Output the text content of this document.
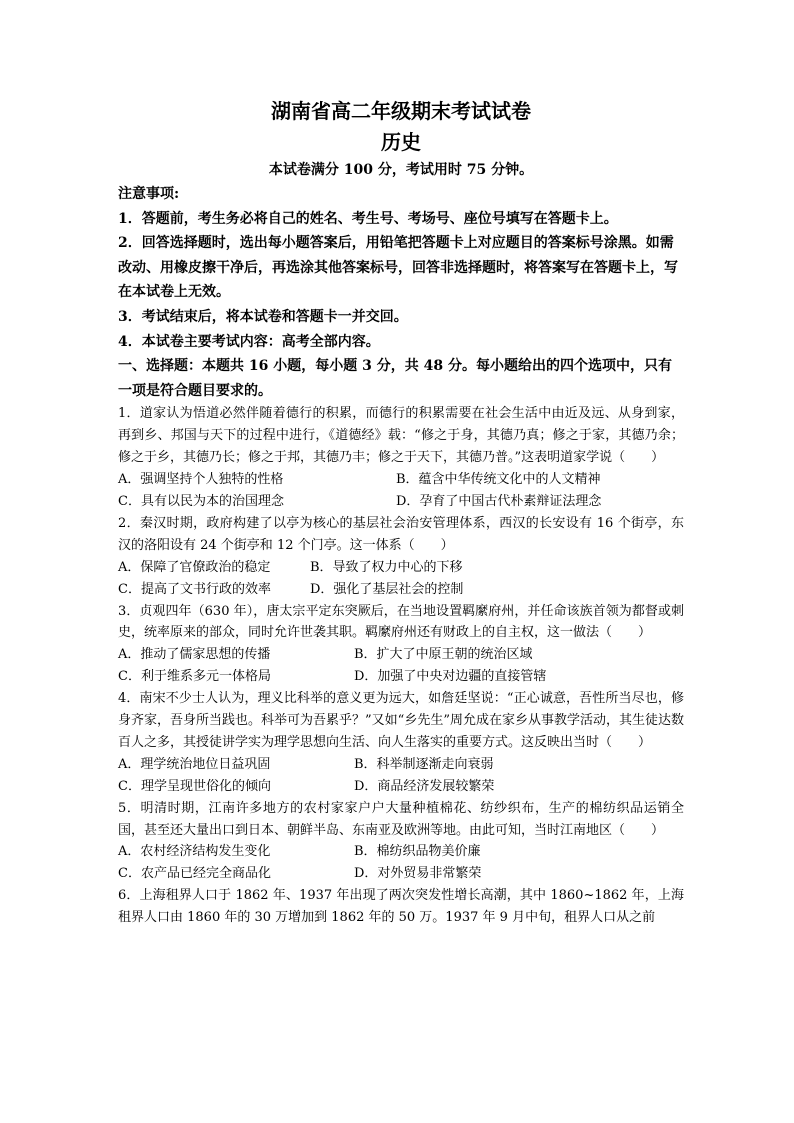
湖南省高二年级期末考试试卷

历史

本试卷满分 100 分，考试用时 75 分钟。

注意事项:

1．答题前，考生务必将自己的姓名、考生号、考场号、座位号填写在答题卡上。

2．回答选择题时，选出每小题答案后，用铅笔把答题卡上对应题目的答案标号涂黑。如需改动、用橡皮擦干净后，再选涂其他答案标号，回答非选择题时，将答案写在答题卡上，写在本试卷上无效。

3．考试结束后，将本试卷和答题卡一并交回。

4．本试卷主要考试内容：高考全部内容。

一、选择题：本题共 16 小题，每小题 3 分，共 48 分。每小题给出的四个选项中，只有一项是符合题目要求的。

1．道家认为悟道必然伴随着德行的积累，而德行的积累需要在社会生活中由近及远、从身到家，再到乡、邦国与天下的过程中进行，《道德经》载：“修之于身，其德乃真；修之于家，其德乃余；修之于乡，其德乃长；修之于邦，其德乃丰；修之于天下，其德乃普。”这表明道家学说（　　）

A．强调坚持个人独特的性格	B．蕴含中华传统文化中的人文精神
C．具有以民为本的治国理念	D．孕育了中国古代朴素辩证法理念

2．秦汉时期，政府构建了以亭为核心的基层社会治安管理体系，西汉的长安设有 16 个街亭，东汉的洛阳设有 24 个街亭和 12 个门亭。这一体系（　　）

A．保障了官僚政治的稳定	B．导致了权力中心的下移
C．提高了文书行政的效率	D．强化了基层社会的控制

3．贞观四年（630 年），唐太宗平定东突厥后，在当地设置羁縻府州，并任命该族首领为都督或刺史，统率原来的部众，同时允许世袭其职。羁縻府州还有财政上的自主权，这一做法（　　）

A．推动了儒家思想的传播	B．扩大了中原王朝的统治区域
C．利于维系多元一体格局	D．加强了中央对边疆的直接管辖

4．南宋不少士人认为，理义比科举的意义更为远大，如詹廷坚说：“正心诚意，吾性所当尽也，修身齐家，吾身所当践也。科举可为吾累乎？”又如“乡先生”周允成在家乡从事教学活动，其生徒达数百人之多，其授徒讲学实为理学思想向生活、向人生落实的重要方式。这反映出当时（　　）

A．理学统治地位日益巩固	B．科举制逐渐走向衰弱
C．理学呈现世俗化的倾向	D．商品经济发展较繁荣

5．明清时期，江南许多地方的农村家家户户大量种植棉花、纺纱织布，生产的棉纺织品运销全国，甚至还大量出口到日本、朝鲜半岛、东南亚及欧洲等地。由此可知，当时江南地区（　　）

A．农村经济结构发生变化	B．棉纺织品物美价廉
C．农产品已经完全商品化	D．对外贸易非常繁荣

6．上海租界人口于 1862 年、1937 年出现了两次突发性增长高潮，其中 1860~1862 年，上海租界人口由 1860 年的 30 万增加到 1862 年的 50 万。1937 年 9 月中旬，租界人口从之前
